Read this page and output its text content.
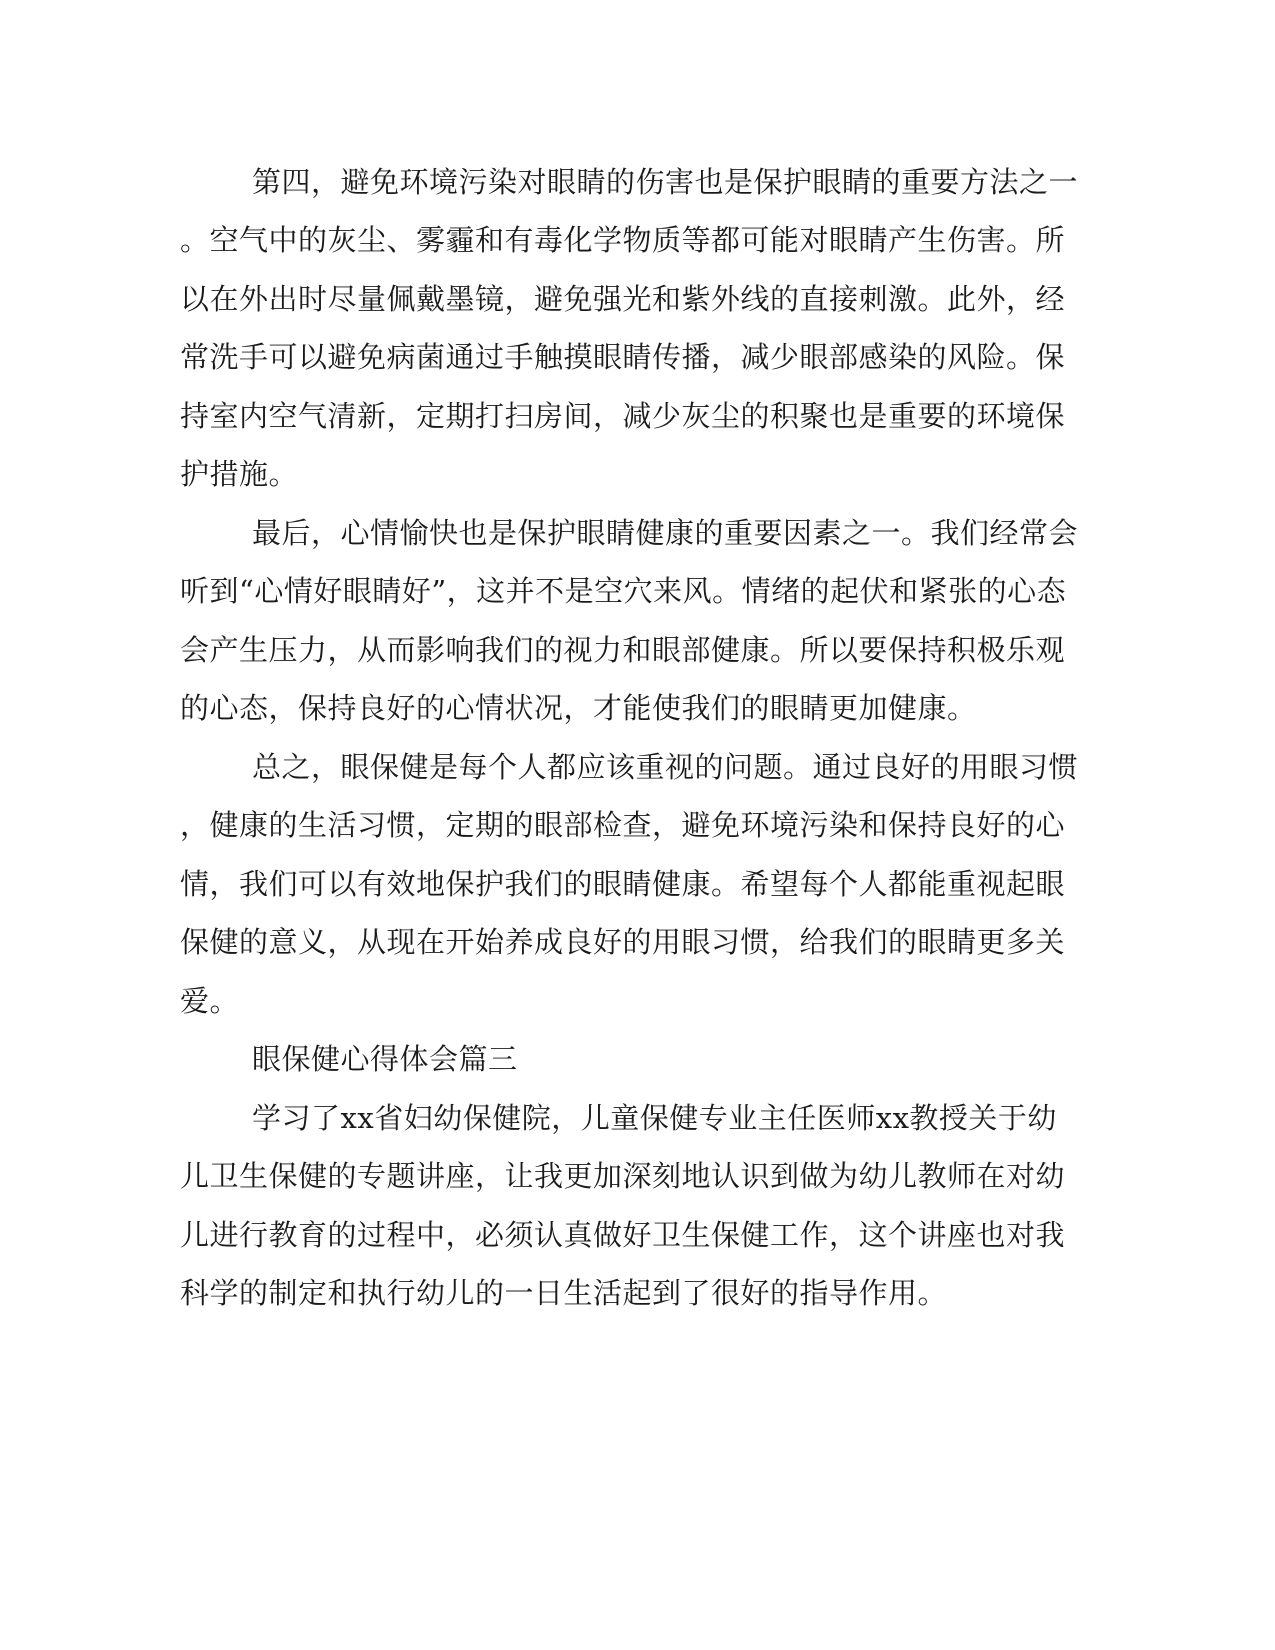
第四，避免环境污染对眼睛的伤害也是保护眼睛的重要方法之一

。空气中的灰尘、雾霾和有毒化学物质等都可能对眼睛产生伤害。所

以在外出时尽量佩戴墨镜，避免强光和紫外线的直接刺激。此外，经

常洗手可以避免病菌通过手触摸眼睛传播，减少眼部感染的风险。保

持室内空气清新，定期打扫房间，减少灰尘的积聚也是重要的环境保

护措施。

最后，心情愉快也是保护眼睛健康的重要因素之一。我们经常会

听到“心情好眼睛好”，这并不是空穴来风。情绪的起伏和紧张的心态

会产生压力，从而影响我们的视力和眼部健康。所以要保持积极乐观

的心态，保持良好的心情状况，才能使我们的眼睛更加健康。

总之，眼保健是每个人都应该重视的问题。通过良好的用眼习惯

，健康的生活习惯，定期的眼部检查，避免环境污染和保持良好的心

情，我们可以有效地保护我们的眼睛健康。希望每个人都能重视起眼

保健的意义，从现在开始养成良好的用眼习惯，给我们的眼睛更多关

爱。

眼保健心得体会篇三

学习了xx省妇幼保健院，儿童保健专业主任医师xx教授关于幼

儿卫生保健的专题讲座，让我更加深刻地认识到做为幼儿教师在对幼

儿进行教育的过程中，必须认真做好卫生保健工作，这个讲座也对我

科学的制定和执行幼儿的一日生活起到了很好的指导作用。
